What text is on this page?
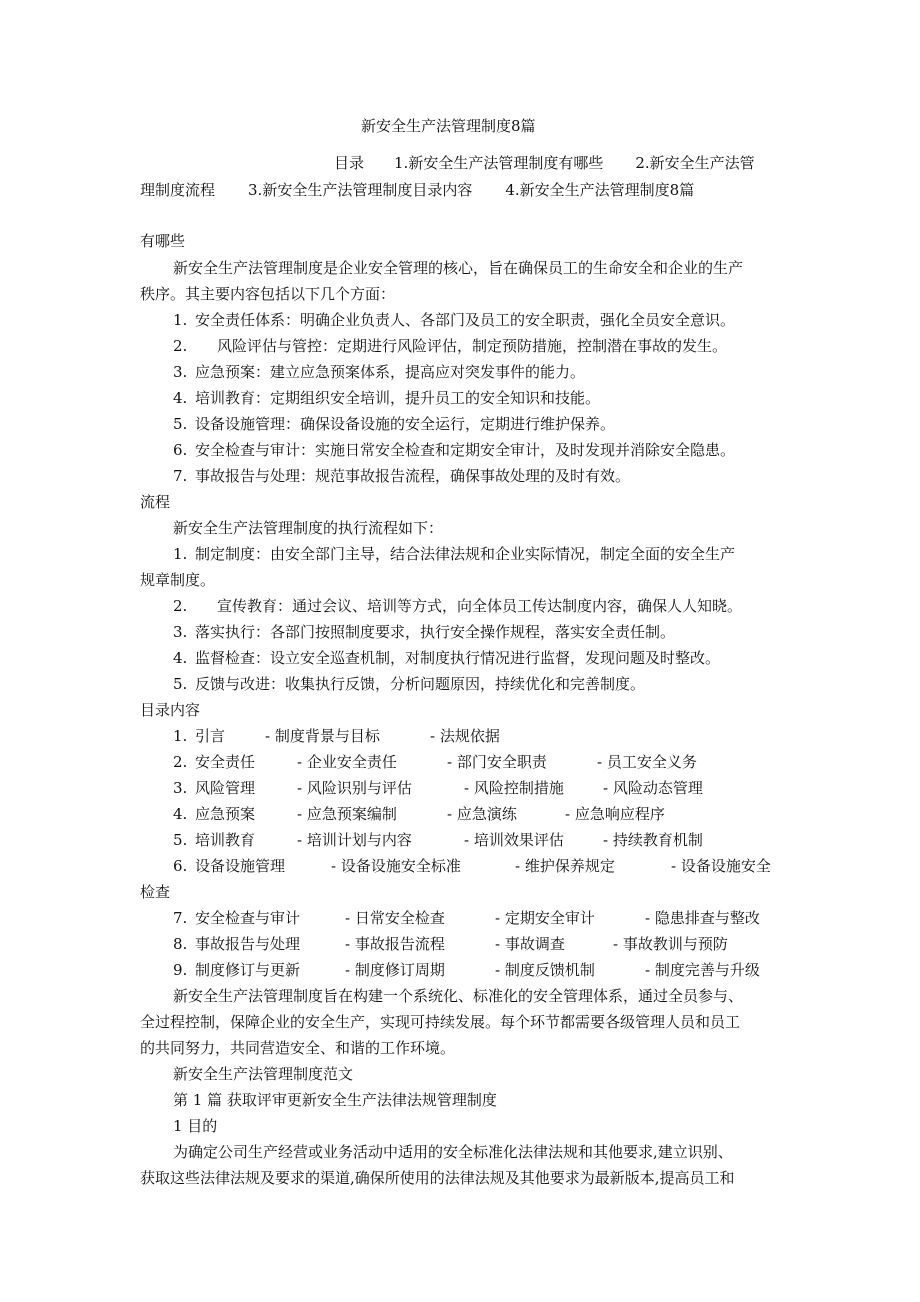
新安全生产法管理制度8篇
目录 1.新安全生产法管理制度有哪些 2.新安全生产法管
理制度流程 3.新安全生产法管理制度目录内容 4.新安全生产法管理制度8篇
有哪些
新安全生产法管理制度是企业安全管理的核心，旨在确保员工的生命安全和企业的生产
秩序。其主要内容包括以下几个方面：
1. 安全责任体系：明确企业负责人、各部门及员工的安全职责，强化全员安全意识。
2. 风险评估与管控：定期进行风险评估，制定预防措施，控制潜在事故的发生。
3. 应急预案：建立应急预案体系，提高应对突发事件的能力。
4. 培训教育：定期组织安全培训，提升员工的安全知识和技能。
5. 设备设施管理：确保设备设施的安全运行，定期进行维护保养。
6. 安全检查与审计：实施日常安全检查和定期安全审计，及时发现并消除安全隐患。
7. 事故报告与处理：规范事故报告流程，确保事故处理的及时有效。
流程
新安全生产法管理制度的执行流程如下：
1. 制定制度：由安全部门主导，结合法律法规和企业实际情况，制定全面的安全生产
规章制度。
2. 宣传教育：通过会议、培训等方式，向全体员工传达制度内容，确保人人知晓。
3. 落实执行：各部门按照制度要求，执行安全操作规程，落实安全责任制。
4. 监督检查：设立安全巡查机制，对制度执行情况进行监督，发现问题及时整改。
5. 反馈与改进：收集执行反馈，分析问题原因，持续优化和完善制度。
目录内容
1. 引言	- 制度背景与目标	- 法规依据
2. 安全责任	- 企业安全责任	- 部门安全职责	- 员工安全义务
3. 风险管理	- 风险识别与评估	- 风险控制措施	- 风险动态管理
4. 应急预案	- 应急预案编制	- 应急演练	- 应急响应程序
5. 培训教育	- 培训计划与内容	- 培训效果评估	- 持续教育机制
6. 设备设施管理	- 设备设施安全标准	- 维护保养规定	- 设备设施安全
检查
7. 安全检查与审计	- 日常安全检查	- 定期安全审计	- 隐患排查与整改
8. 事故报告与处理	- 事故报告流程	- 事故调查	- 事故教训与预防
9. 制度修订与更新	- 制度修订周期	- 制度反馈机制	- 制度完善与升级
新安全生产法管理制度旨在构建一个系统化、标准化的安全管理体系，通过全员参与、
全过程控制，保障企业的安全生产，实现可持续发展。每个环节都需要各级管理人员和员工
的共同努力，共同营造安全、和谐的工作环境。
新安全生产法管理制度范文
第 1 篇 获取评审更新安全生产法律法规管理制度
1 目的
为确定公司生产经营或业务活动中适用的安全标准化法律法规和其他要求,建立识别、
获取这些法律法规及要求的渠道,确保所使用的法律法规及其他要求为最新版本,提高员工和
